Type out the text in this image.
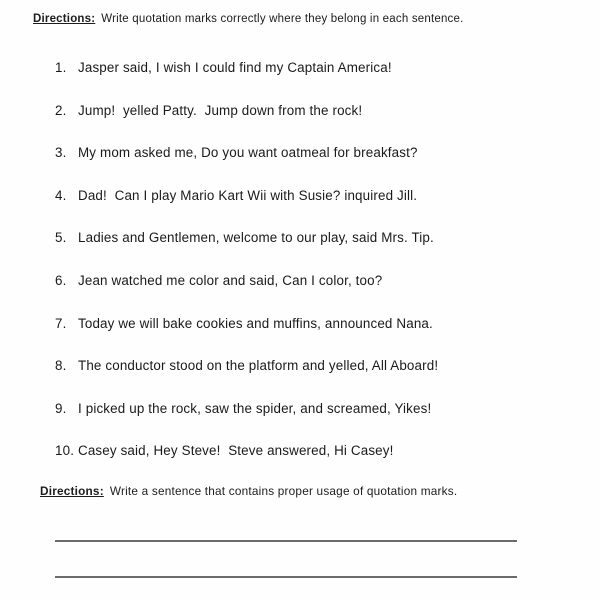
Directions: Write quotation marks correctly where they belong in each sentence.
1. Jasper said, I wish I could find my Captain America!
2. Jump!  yelled Patty.  Jump down from the rock!
3. My mom asked me, Do you want oatmeal for breakfast?
4. Dad!  Can I play Mario Kart Wii with Susie? inquired Jill.
5. Ladies and Gentlemen, welcome to our play, said Mrs. Tip.
6. Jean watched me color and said, Can I color, too?
7. Today we will bake cookies and muffins, announced Nana.
8. The conductor stood on the platform and yelled, All Aboard!
9. I picked up the rock, saw the spider, and screamed, Yikes!
10. Casey said, Hey Steve!  Steve answered, Hi Casey!
Directions: Write a sentence that contains proper usage of quotation marks.
